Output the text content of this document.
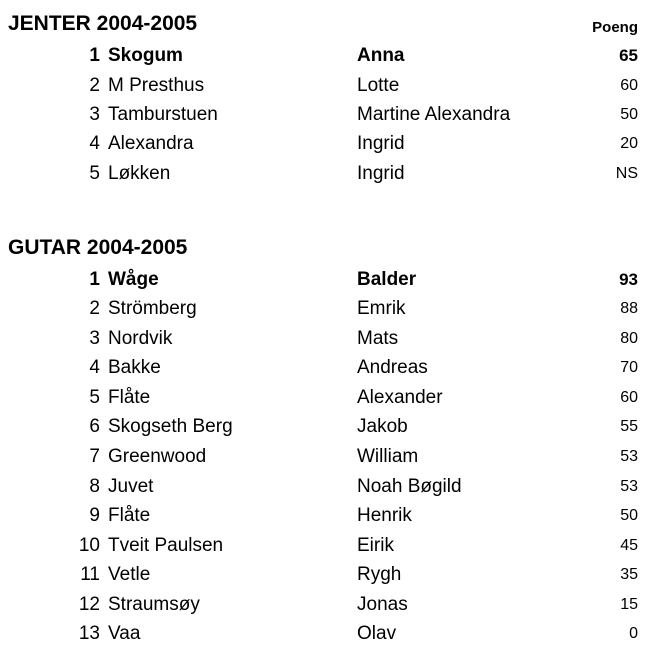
JENTER 2004-2005	Poeng
1 Skogum	Anna	65
2 M Presthus	Lotte	60
3 Tamburstuen	Martine Alexandra	50
4 Alexandra	Ingrid	20
5 Løkken	Ingrid	NS
GUTAR 2004-2005
1 Wåge	Balder	93
2 Strömberg	Emrik	88
3 Nordvik	Mats	80
4 Bakke	Andreas	70
5 Flåte	Alexander	60
6 Skogseth Berg	Jakob	55
7 Greenwood	William	53
8 Juvet	Noah Bøgild	53
9 Flåte	Henrik	50
10 Tveit Paulsen	Eirik	45
11 Vetle	Rygh	35
12 Straumsøy	Jonas	15
13 Vaa	Olav	0
